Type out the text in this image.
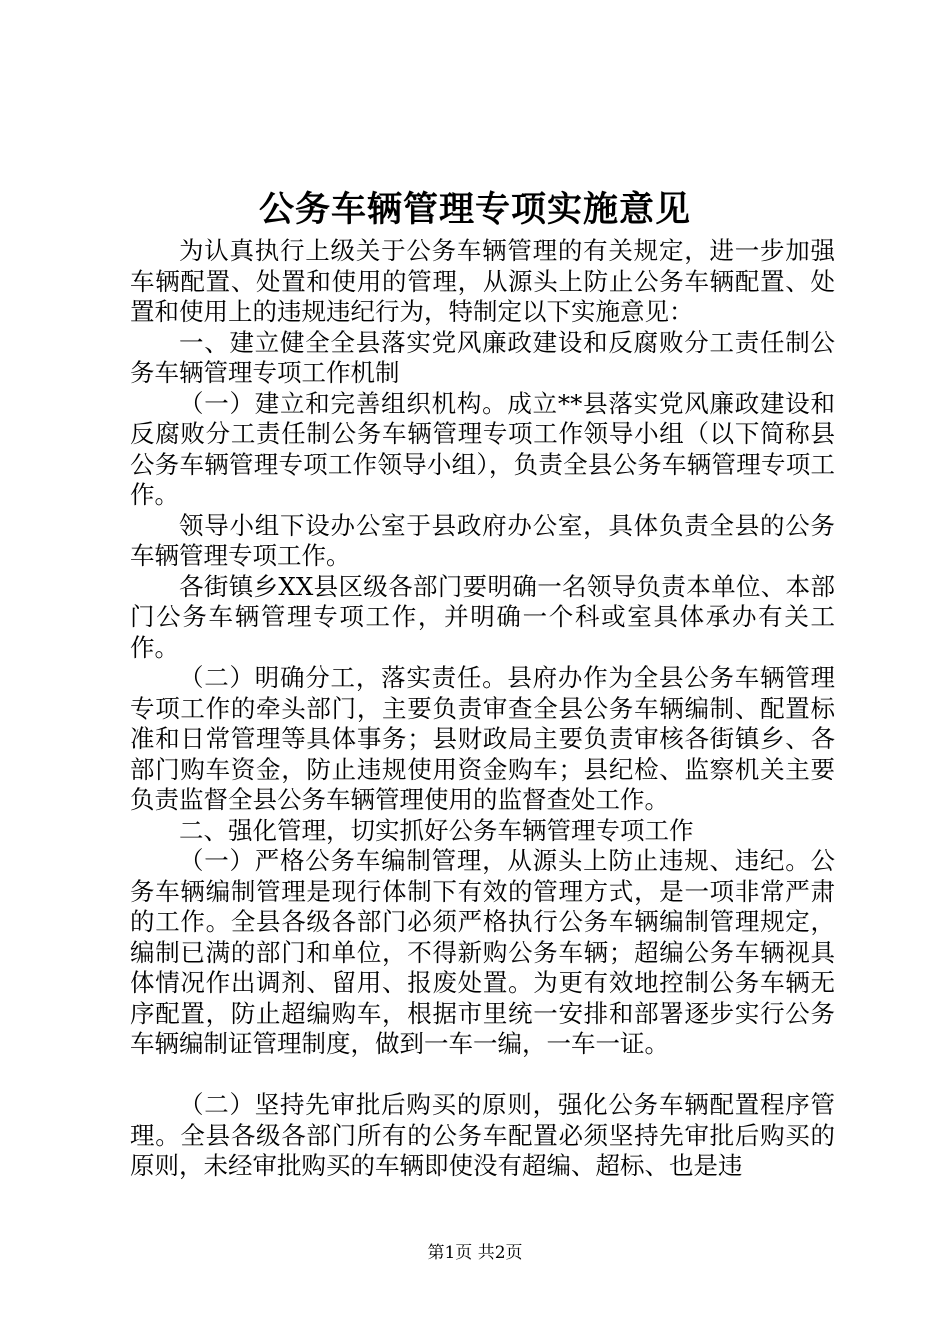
公务车辆管理专项实施意见

为认真执行上级关于公务车辆管理的有关规定，进一步加强车辆配置、处置和使用的管理，从源头上防止公务车辆配置、处置和使用上的违规违纪行为，特制定以下实施意见：

一、建立健全全县落实党风廉政建设和反腐败分工责任制公务车辆管理专项工作机制

（一）建立和完善组织机构。成立**县落实党风廉政建设和反腐败分工责任制公务车辆管理专项工作领导小组（以下简称县公务车辆管理专项工作领导小组），负责全县公务车辆管理专项工作。

领导小组下设办公室于县政府办公室，具体负责全县的公务车辆管理专项工作。

各街镇乡XX县区级各部门要明确一名领导负责本单位、本部门公务车辆管理专项工作，并明确一个科或室具体承办有关工作。

（二）明确分工，落实责任。县府办作为全县公务车辆管理专项工作的牵头部门，主要负责审查全县公务车辆编制、配置标准和日常管理等具体事务；县财政局主要负责审核各街镇乡、各部门购车资金，防止违规使用资金购车；县纪检、监察机关主要负责监督全县公务车辆管理使用的监督查处工作。

二、强化管理，切实抓好公务车辆管理专项工作

（一）严格公务车编制管理，从源头上防止违规、违纪。公务车辆编制管理是现行体制下有效的管理方式，是一项非常严肃的工作。全县各级各部门必须严格执行公务车辆编制管理规定，编制已满的部门和单位，不得新购公务车辆；超编公务车辆视具体情况作出调剂、留用、报废处置。为更有效地控制公务车辆无序配置，防止超编购车，根据市里统一安排和部署逐步实行公务车辆编制证管理制度，做到一车一编，一车一证。

（二）坚持先审批后购买的原则，强化公务车辆配置程序管理。全县各级各部门所有的公务车配置必须坚持先审批后购买的原则，未经审批购买的车辆即使没有超编、超标、也是违

第1页 共2页
